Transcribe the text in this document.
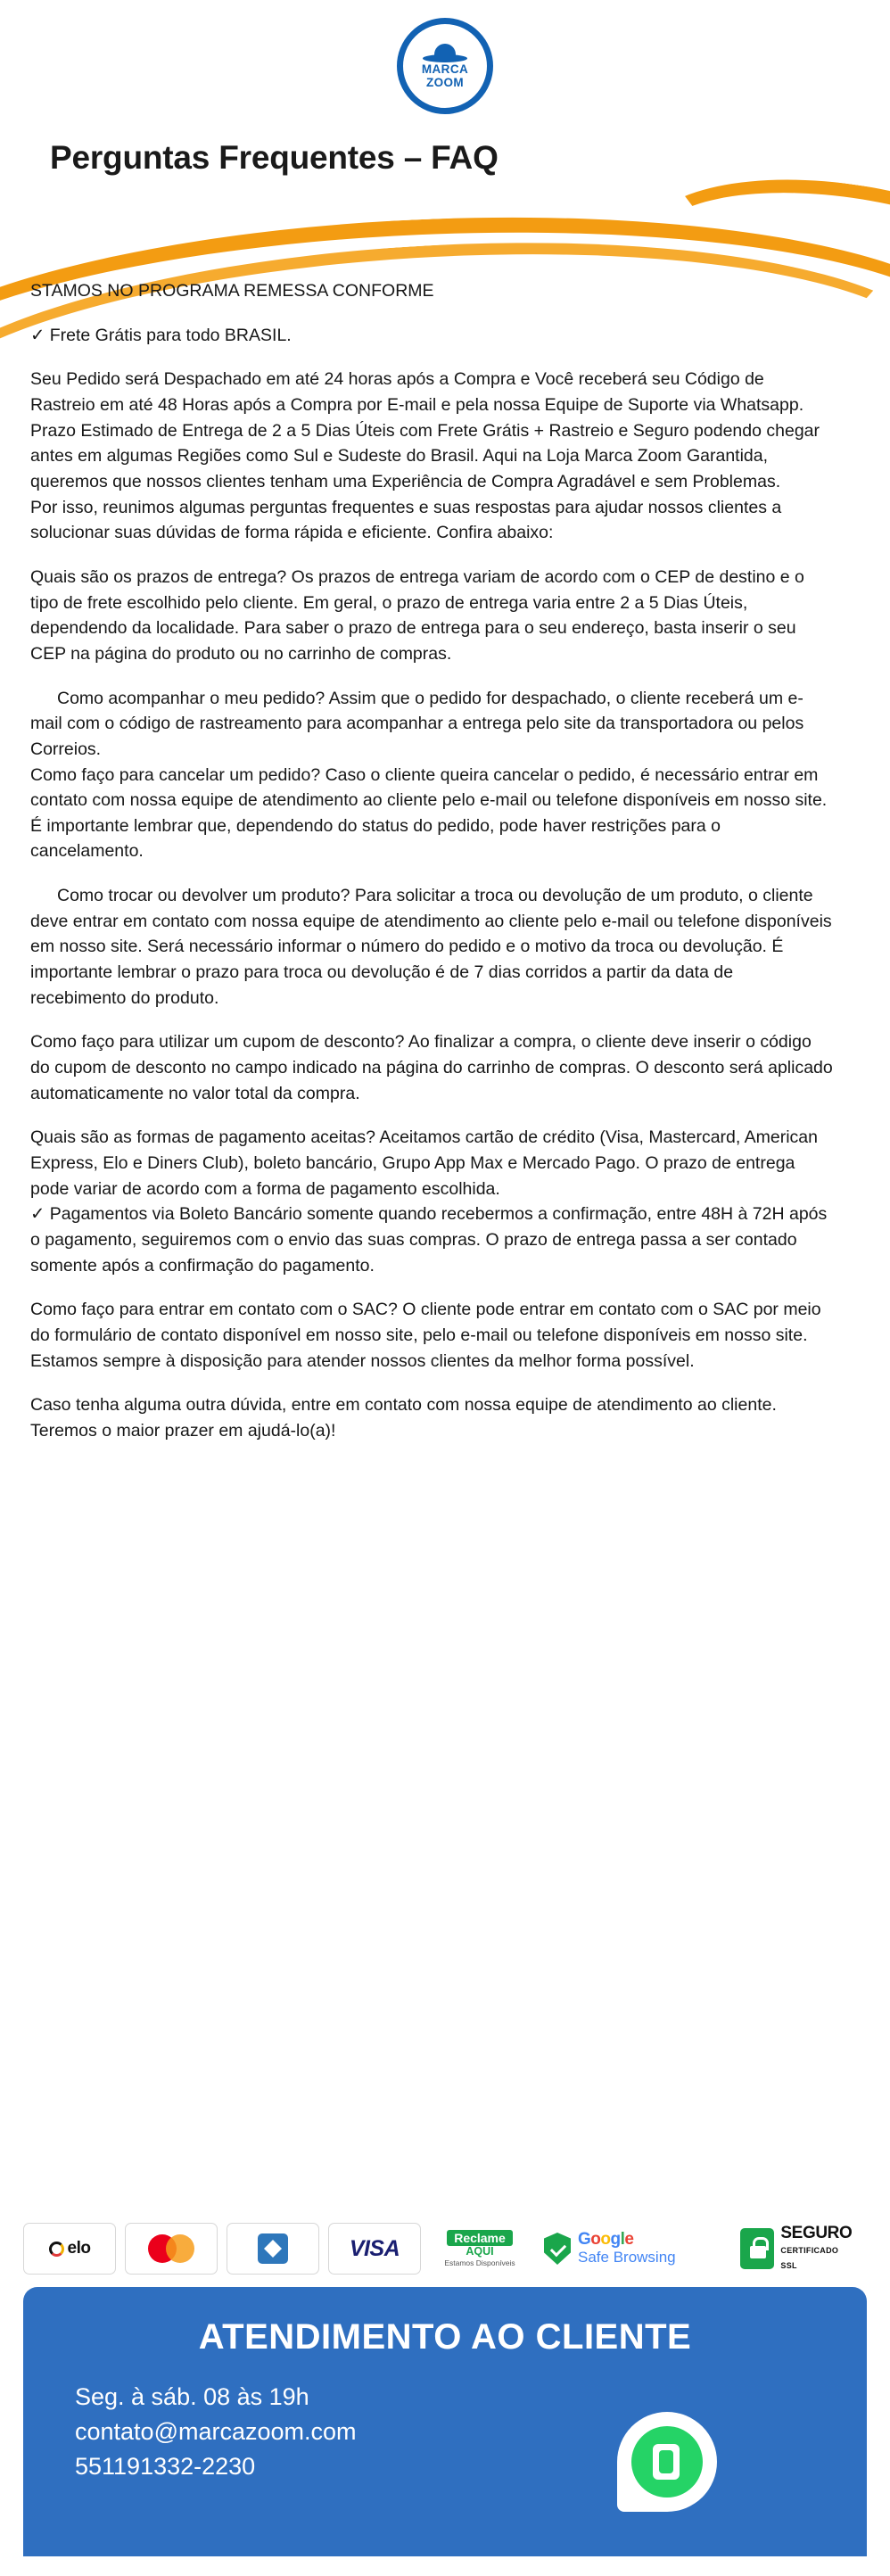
MARCA ZOOM
Perguntas Frequentes – FAQ

STAMOS NO PROGRAMA REMESSA CONFORME

✓ Frete Grátis para todo BRASIL.

Seu Pedido será Despachado em até 24 horas após a Compra e Você receberá seu Código de Rastreio em até 48 Horas após a Compra por E-mail e pela nossa Equipe de Suporte via Whatsapp.

Prazo Estimado de Entrega de 2 a 5 Dias Úteis com Frete Grátis + Rastreio e Seguro podendo chegar antes em algumas Regiões como Sul e Sudeste do Brasil. Aqui na Loja Marca Zoom Garantida, queremos que nossos clientes tenham uma Experiência de Compra Agradável e sem Problemas.

Por isso, reunimos algumas perguntas frequentes e suas respostas para ajudar nossos clientes a solucionar suas dúvidas de forma rápida e eficiente. Confira abaixo:

Quais são os prazos de entrega? Os prazos de entrega variam de acordo com o CEP de destino e o tipo de frete escolhido pelo cliente. Em geral, o prazo de entrega varia entre 2 a 5 Dias Úteis, dependendo da localidade. Para saber o prazo de entrega para o seu endereço, basta inserir o seu CEP na página do produto ou no carrinho de compras.

Como acompanhar o meu pedido? Assim que o pedido for despachado, o cliente receberá um e-mail com o código de rastreamento para acompanhar a entrega pelo site da transportadora ou pelos Correios.

Como faço para cancelar um pedido? Caso o cliente queira cancelar o pedido, é necessário entrar em contato com nossa equipe de atendimento ao cliente pelo e-mail ou telefone disponíveis em nosso site. É importante lembrar que, dependendo do status do pedido, pode haver restrições para o cancelamento.

Como trocar ou devolver um produto? Para solicitar a troca ou devolução de um produto, o cliente deve entrar em contato com nossa equipe de atendimento ao cliente pelo e-mail ou telefone disponíveis em nosso site. Será necessário informar o número do pedido e o motivo da troca ou devolução. É importante lembrar o prazo para troca ou devolução é de 7 dias corridos a partir da data de recebimento do produto.

Como faço para utilizar um cupom de desconto? Ao finalizar a compra, o cliente deve inserir o código do cupom de desconto no campo indicado na página do carrinho de compras. O desconto será aplicado automaticamente no valor total da compra.

Quais são as formas de pagamento aceitas? Aceitamos cartão de crédito (Visa, Mastercard, American Express, Elo e Diners Club), boleto bancário, Grupo App Max e Mercado Pago. O prazo de entrega pode variar de acordo com a forma de pagamento escolhida.

✓ Pagamentos via Boleto Bancário somente quando recebermos a confirmação, entre 48H à 72H após o pagamento, seguiremos com o envio das suas compras. O prazo de entrega passa a ser contado somente após a confirmação do pagamento.

Como faço para entrar em contato com o SAC? O cliente pode entrar em contato com o SAC por meio do formulário de contato disponível em nosso site, pelo e-mail ou telefone disponíveis em nosso site. Estamos sempre à disposição para atender nossos clientes da melhor forma possível.

Caso tenha alguma outra dúvida, entre em contato com nossa equipe de atendimento ao cliente. Teremos o maior prazer em ajudá-lo(a)!

elo	VISA	Reclame
AQUI
Estamos Disponíveis
Google
Safe Browsing
SEGURO
CERTIFICADO SSL
ATENDIMENTO AO CLIENTE
Seg. à sáb. 08 às 19h
contato@marcazoom.com
551191332-2230
